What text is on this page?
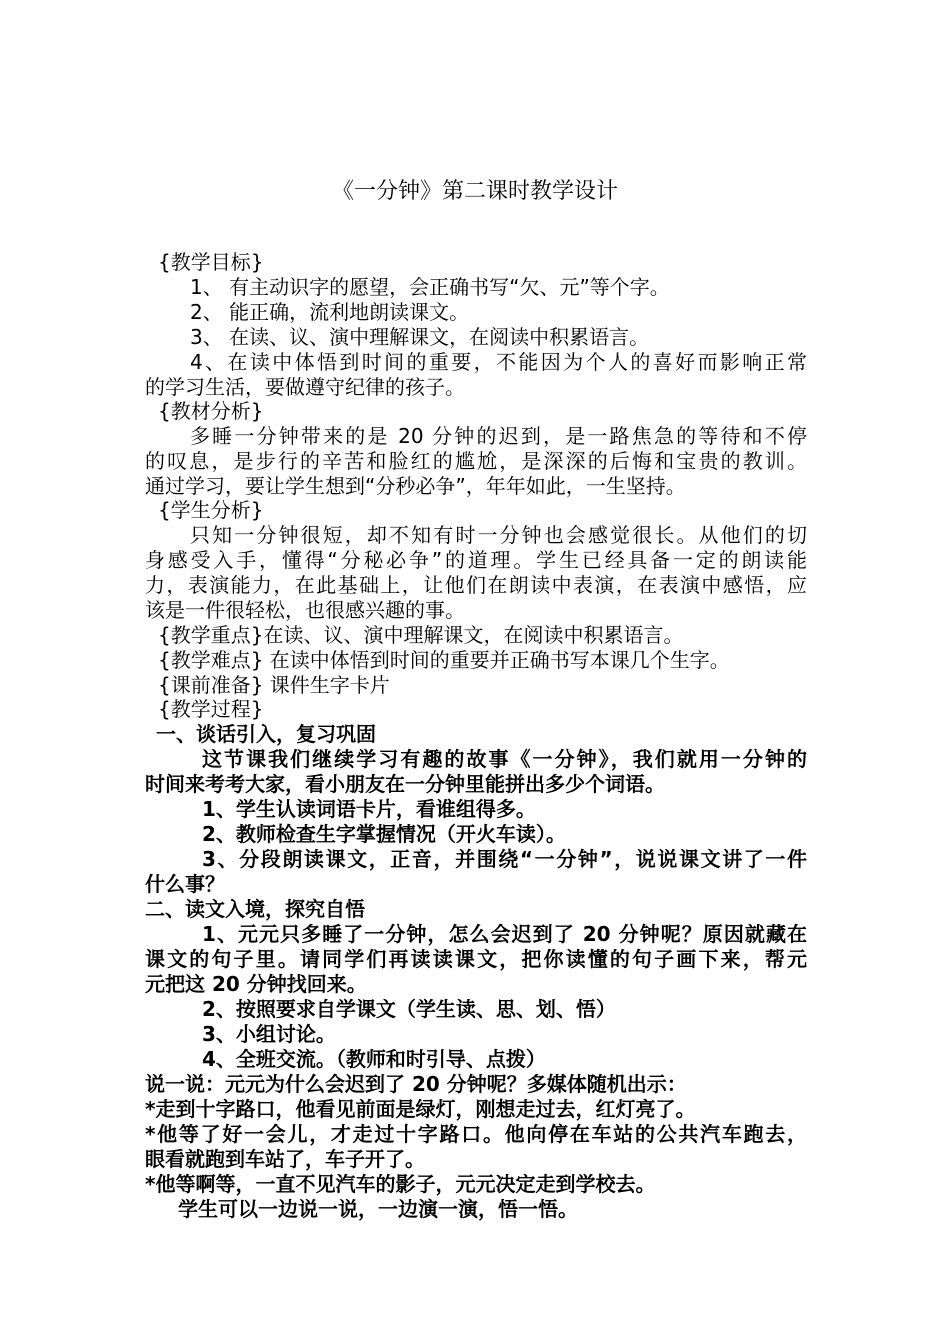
《一分钟》第二课时教学设计
{教学目标}
1、 有主动识字的愿望，会正确书写“欠、元”等个字。
2、 能正确，流利地朗读课文。
3、 在读、议、演中理解课文，在阅读中积累语言。
4、在读中体悟到时间的重要，不能因为个人的喜好而影响正常
的学习生活，要做遵守纪律的孩子。
{教材分析}
多睡一分钟带来的是 20 分钟的迟到，是一路焦急的等待和不停
的叹息，是步行的辛苦和脸红的尴尬，是深深的后悔和宝贵的教训。
通过学习，要让学生想到“分秒必争”，年年如此，一生坚持。
{学生分析}
只知一分钟很短，却不知有时一分钟也会感觉很长。从他们的切
身感受入手，懂得“分秘必争”的道理。学生已经具备一定的朗读能
力，表演能力，在此基础上，让他们在朗读中表演，在表演中感悟，应
该是一件很轻松，也很感兴趣的事。
{教学重点}在读、议、演中理解课文，在阅读中积累语言。
{教学难点} 在读中体悟到时间的重要并正确书写本课几个生字。
{课前准备} 课件生字卡片
{教学过程}
一、谈话引入，复习巩固
这节课我们继续学习有趣的故事《一分钟》，我们就用一分钟的
时间来考考大家，看小朋友在一分钟里能拼出多少个词语。
1、学生认读词语卡片，看谁组得多。
2、教师检查生字掌握情况（开火车读）。
3、分段朗读课文，正音，并围绕“一分钟”，说说课文讲了一件
什么事？
二、读文入境，探究自悟
1、元元只多睡了一分钟，怎么会迟到了 20 分钟呢？原因就藏在
课文的句子里。请同学们再读读课文，把你读懂的句子画下来，帮元
元把这 20 分钟找回来。
2、按照要求自学课文（学生读、思、划、悟）
3、小组讨论。
4、全班交流。（教师和时引导、点拨）
说一说：元元为什么会迟到了 20 分钟呢？多媒体随机出示：
*走到十字路口，他看见前面是绿灯，刚想走过去，红灯亮了。
*他等了好一会儿，才走过十字路口。他向停在车站的公共汽车跑去，
眼看就跑到车站了，车子开了。
*他等啊等，一直不见汽车的影子，元元决定走到学校去。
学生可以一边说一说，一边演一演，悟一悟。
